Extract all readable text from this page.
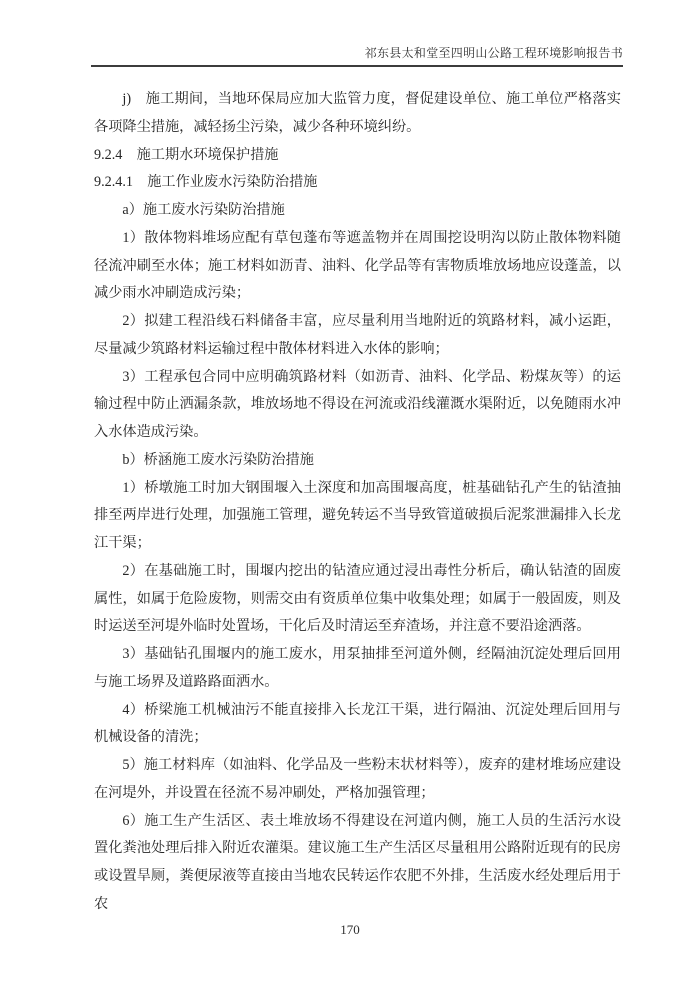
祁东县太和堂至四明山公路工程环境影响报告书

j)　施工期间，当地环保局应加大监管力度，督促建设单位、施工单位严格落实各项降尘措施，减轻扬尘污染，减少各种环境纠纷。

9.2.4　施工期水环境保护措施

9.2.4.1　施工作业废水污染防治措施

a）施工废水污染防治措施

1）散体物料堆场应配有草包蓬布等遮盖物并在周围挖设明沟以防止散体物料随径流冲刷至水体；施工材料如沥青、油料、化学品等有害物质堆放场地应设蓬盖，以减少雨水冲刷造成污染；

2）拟建工程沿线石料储备丰富，应尽量利用当地附近的筑路材料，减小运距，尽量减少筑路材料运输过程中散体材料进入水体的影响；

3）工程承包合同中应明确筑路材料（如沥青、油料、化学品、粉煤灰等）的运输过程中防止洒漏条款，堆放场地不得设在河流或沿线灌溉水渠附近，以免随雨水冲入水体造成污染。

b）桥涵施工废水污染防治措施

1）桥墩施工时加大钢围堰入土深度和加高围堰高度，桩基础钻孔产生的钻渣抽排至两岸进行处理，加强施工管理，避免转运不当导致管道破损后泥浆泄漏排入长龙江干渠；

2）在基础施工时，围堰内挖出的钻渣应通过浸出毒性分析后，确认钻渣的固废属性，如属于危险废物，则需交由有资质单位集中收集处理；如属于一般固废，则及时运送至河堤外临时处置场，干化后及时清运至弃渣场，并注意不要沿途洒落。

3）基础钻孔围堰内的施工废水，用泵抽排至河道外侧，经隔油沉淀处理后回用与施工场界及道路路面洒水。

4）桥梁施工机械油污不能直接排入长龙江干渠，进行隔油、沉淀处理后回用与机械设备的清洗；

5）施工材料库（如油料、化学品及一些粉末状材料等），废弃的建材堆场应建设在河堤外，并设置在径流不易冲刷处，严格加强管理；

6）施工生产生活区、表土堆放场不得建设在河道内侧，施工人员的生活污水设置化粪池处理后排入附近农灌渠。建议施工生产生活区尽量租用公路附近现有的民房或设置旱厕，粪便尿液等直接由当地农民转运作农肥不外排，生活废水经处理后用于农

170
